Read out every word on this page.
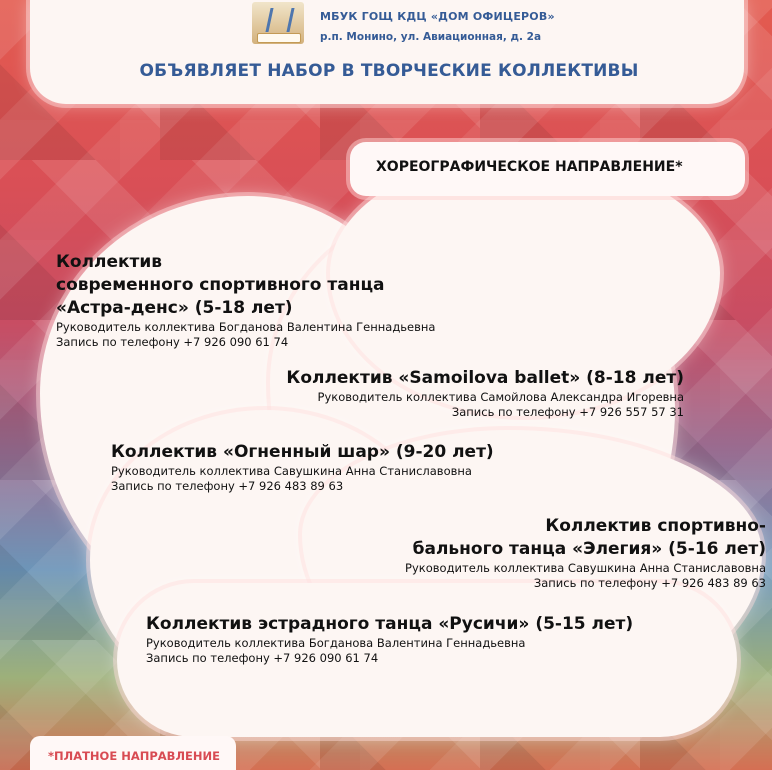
МБУК ГОЩ КДЦ «ДОМ ОФИЦЕРОВ»
р.п. Монино, ул. Авиационная, д. 2а
ОБЪЯВЛЯЕТ НАБОР В ТВОРЧЕСКИЕ КОЛЛЕКТИВЫ
ХОРЕОГРАФИЧЕСКОЕ НАПРАВЛЕНИЕ*
Коллектив
современного спортивного танца
«Астра-денс» (5-18 лет)
Руководитель коллектива Богданова Валентина Геннадьевна
Запись по телефону +7 926 090 61 74
Коллектив «Samoilova ballet» (8-18 лет)
Руководитель коллектива Самойлова Александра Игоревна
Запись по телефону +7 926 557 57 31
Коллектив «Огненный шар» (9-20 лет)
Руководитель коллектива Савушкина Анна Станиславовна
Запись по телефону +7 926 483 89 63
Коллектив спортивно-
бального танца «Элегия» (5-16 лет)
Руководитель коллектива Савушкина Анна Станиславовна
Запись по телефону +7 926 483 89 63
Коллектив эстрадного танца «Русичи» (5-15 лет)
Руководитель коллектива Богданова Валентина Геннадьевна
Запись по телефону +7 926 090 61 74
*ПЛАТНОЕ НАПРАВЛЕНИЕ
